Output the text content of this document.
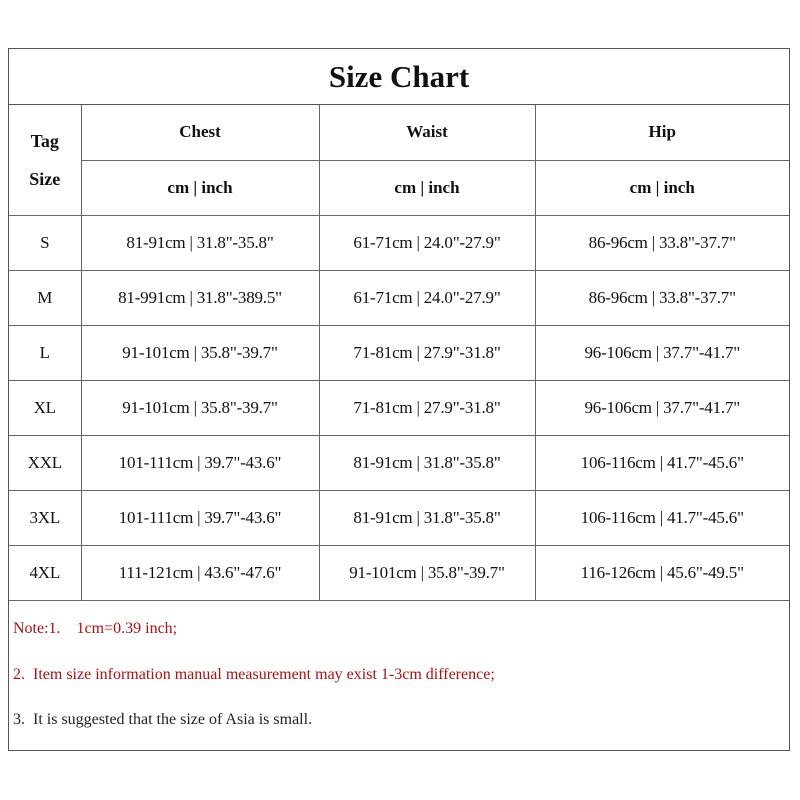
Size Chart
Tag
Size	Chest	Waist	Hip
	cm | inch	cm | inch	cm | inch
S	81-91cm | 31.8"-35.8"	61-71cm | 24.0"-27.9"	86-96cm | 33.8"-37.7"
M	81-991cm | 31.8"-389.5"	61-71cm | 24.0"-27.9"	86-96cm | 33.8"-37.7"
L	91-101cm | 35.8"-39.7"	71-81cm | 27.9"-31.8"	96-106cm | 37.7"-41.7"
XL	91-101cm | 35.8"-39.7"	71-81cm | 27.9"-31.8"	96-106cm | 37.7"-41.7"
XXL	101-111cm | 39.7"-43.6"	81-91cm | 31.8"-35.8"	106-116cm | 41.7"-45.6"
3XL	101-111cm | 39.7"-43.6"	81-91cm | 31.8"-35.8"	106-116cm | 41.7"-45.6"
4XL	111-121cm | 43.6"-47.6"	91-101cm | 35.8"-39.7"	116-126cm | 45.6"-49.5"
Note:1.    1cm=0.39 inch;
2.  Item size information manual measurement may exist 1-3cm difference;
3.  It is suggested that the size of Asia is small.
